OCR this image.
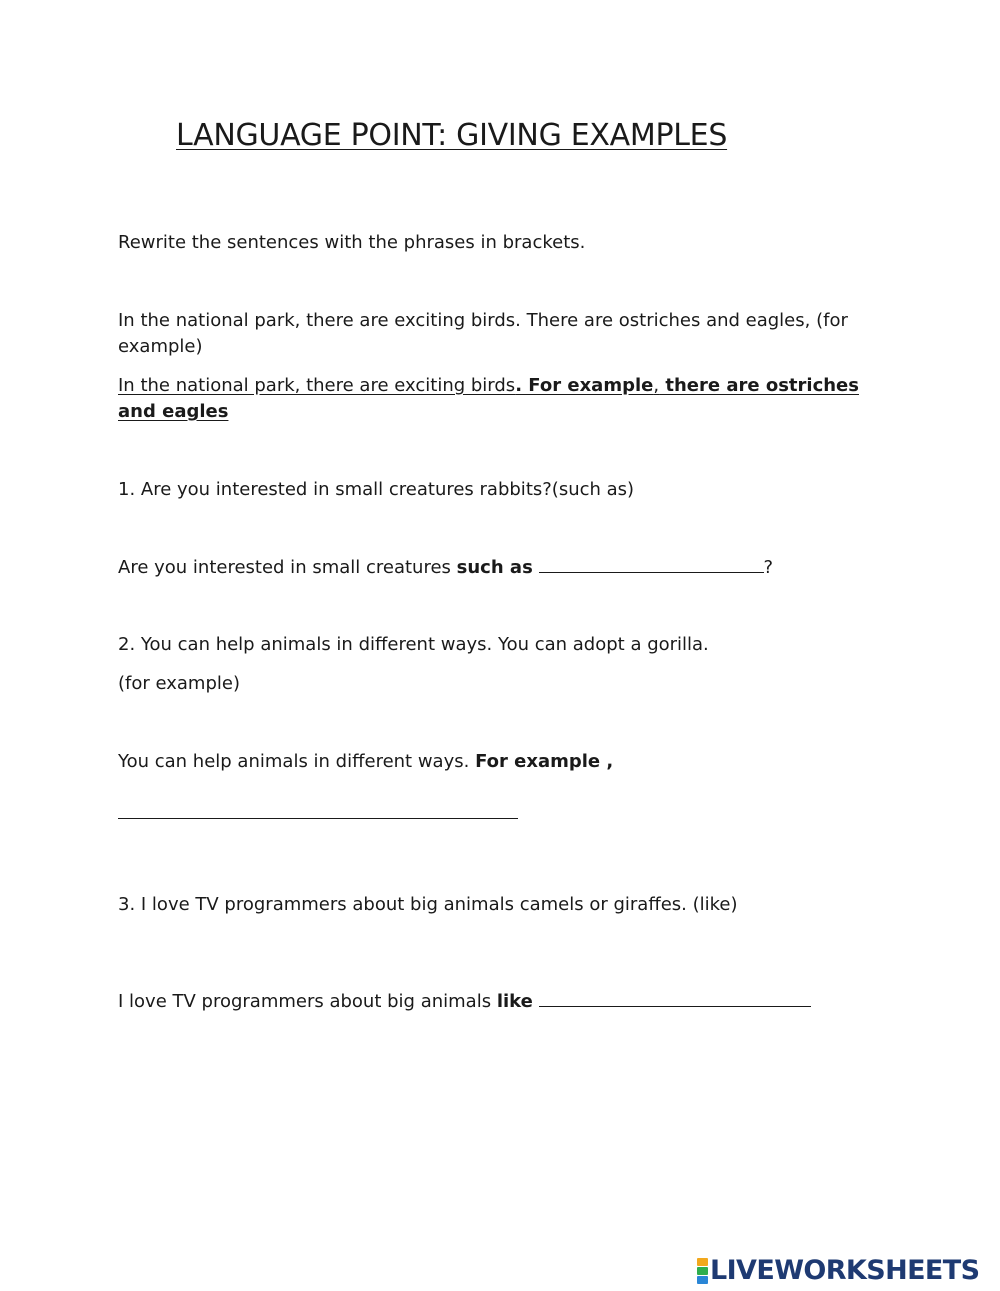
LANGUAGE POINT: GIVING EXAMPLES

Rewrite the sentences with the phrases in brackets.

In the national park, there are exciting birds. There are ostriches and eagles, (for example)

In the national park, there are exciting birds. For example, there are ostriches and eagles

1. Are you interested in small creatures rabbits?(such as)

Are you interested in small creatures such as	?

2. You can help animals in different ways. You can adopt a gorilla.

(for example)

You can help animals in different ways. For example ,

3. I love TV programmers about big animals camels or giraffes. (like)

I love TV programmers about big animals like

LIVEWORKSHEETS
